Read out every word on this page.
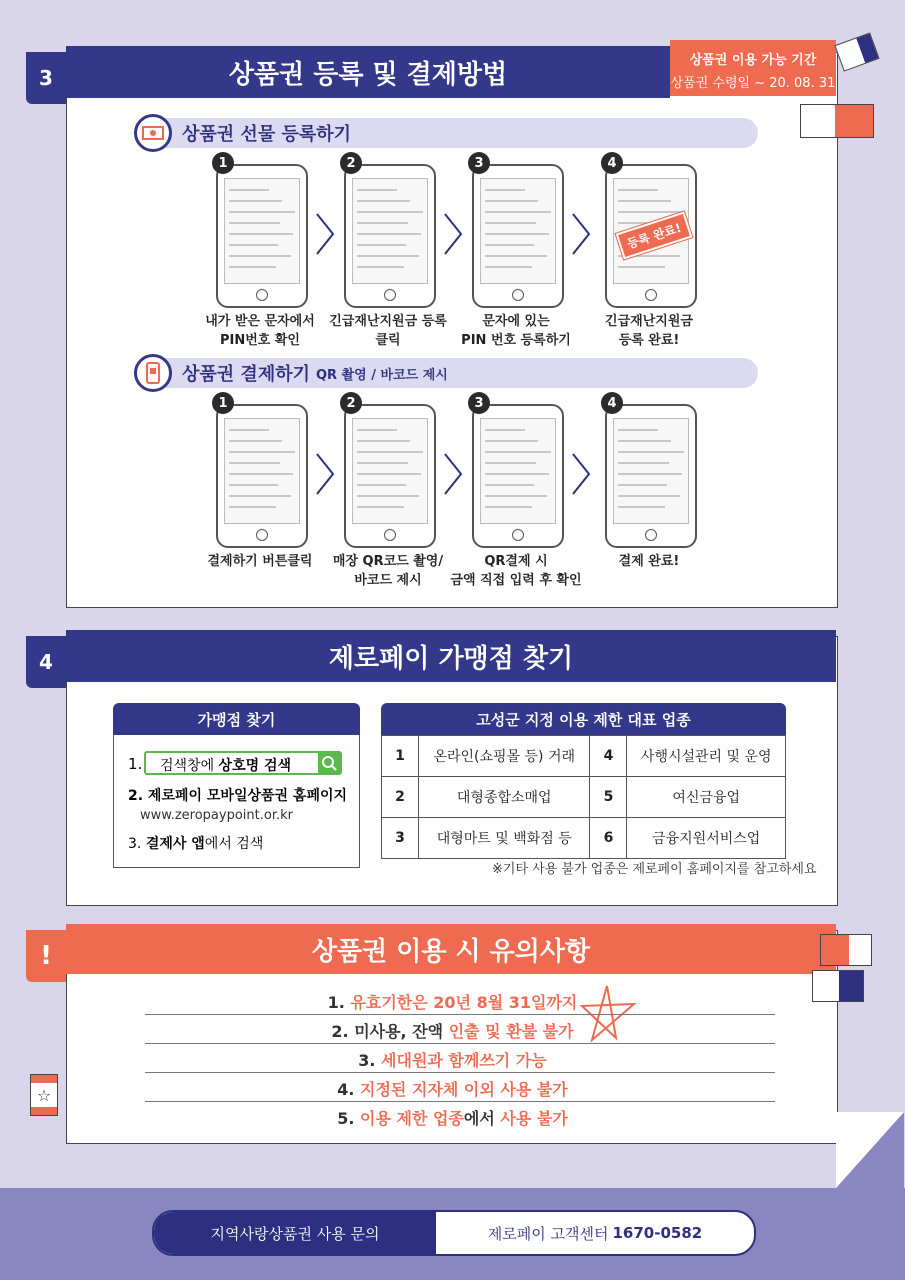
3	상품권 등록 및 결제방법	상품권 이용 가능 기간
상품권 수령일 ~ 20. 08. 31
상품권 선물 등록하기
1
내가 받은 문자에서
PIN번호 확인
2
긴급재난지원금 등록
클릭
3
문자에 있는
PIN 번호 등록하기
4
긴급재난지원금
등록 완료!
등록 완료!
1
결제하기 버튼클릭
2
매장 QR코드 촬영/
바코드 제시
3
QR결제 시
금액 직접 입력 후 확인
4
결제 완료!
상품권 결제하기 QR 촬영 / 바코드 제시
4	제로페이 가맹점 찾기
가맹점 찾기
1. 검색창에 상호명 검색
2. 제로페이 모바일상품권 홈페이지
www.zeropaypoint.or.kr
3. 결제사 앱에서 검색
고성군 지정 이용 제한 대표 업종
1	온라인(쇼핑몰 등) 거래	4	사행시설관리 및 운영
2	대형종합소매업	5	여신금융업
3	대형마트 및 백화점 등	6	금융지원서비스업
※기타 사용 불가 업종은 제로페이 홈페이지를 참고하세요
!	상품권 이용 시 유의사항
☆
1. 유효기한은 20년 8월 31일까지
2. 미사용, 잔액 인출 및 환불 불가
3. 세대원과 함께쓰기 가능
4. 지정된 지자체 이외 사용 불가
5. 이용 제한 업종에서 사용 불가
지역사랑상품권 사용 문의	제로페이 고객센터 1670-0582
